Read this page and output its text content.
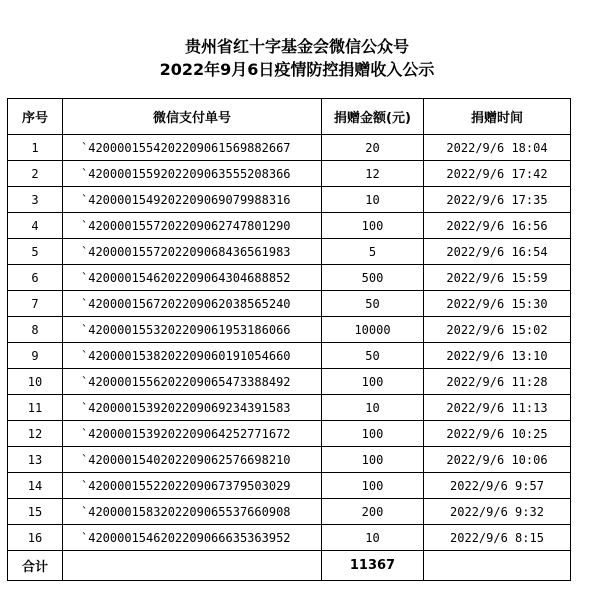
贵州省红十字基金会微信公众号
2022年9月6日疫情防控捐赠收入公示
序号	微信支付单号	捐赠金额(元)	捐赠时间
1	`4200001554202209061569882667	20	2022/9/6 18:04
2	`4200001559202209063555208366	12	2022/9/6 17:42
3	`4200001549202209069079988316	10	2022/9/6 17:35
4	`4200001557202209062747801290	100	2022/9/6 16:56
5	`4200001557202209068436561983	5	2022/9/6 16:54
6	`4200001546202209064304688852	500	2022/9/6 15:59
7	`4200001567202209062038565240	50	2022/9/6 15:30
8	`4200001553202209061953186066	10000	2022/9/6 15:02
9	`4200001538202209060191054660	50	2022/9/6 13:10
10	`4200001556202209065473388492	100	2022/9/6 11:28
11	`4200001539202209069234391583	10	2022/9/6 11:13
12	`4200001539202209064252771672	100	2022/9/6 10:25
13	`4200001540202209062576698210	100	2022/9/6 10:06
14	`4200001552202209067379503029	100	2022/9/6 9:57
15	`4200001583202209065537660908	200	2022/9/6 9:32
16	`4200001546202209066635363952	10	2022/9/6 8:15
合计		11367	
